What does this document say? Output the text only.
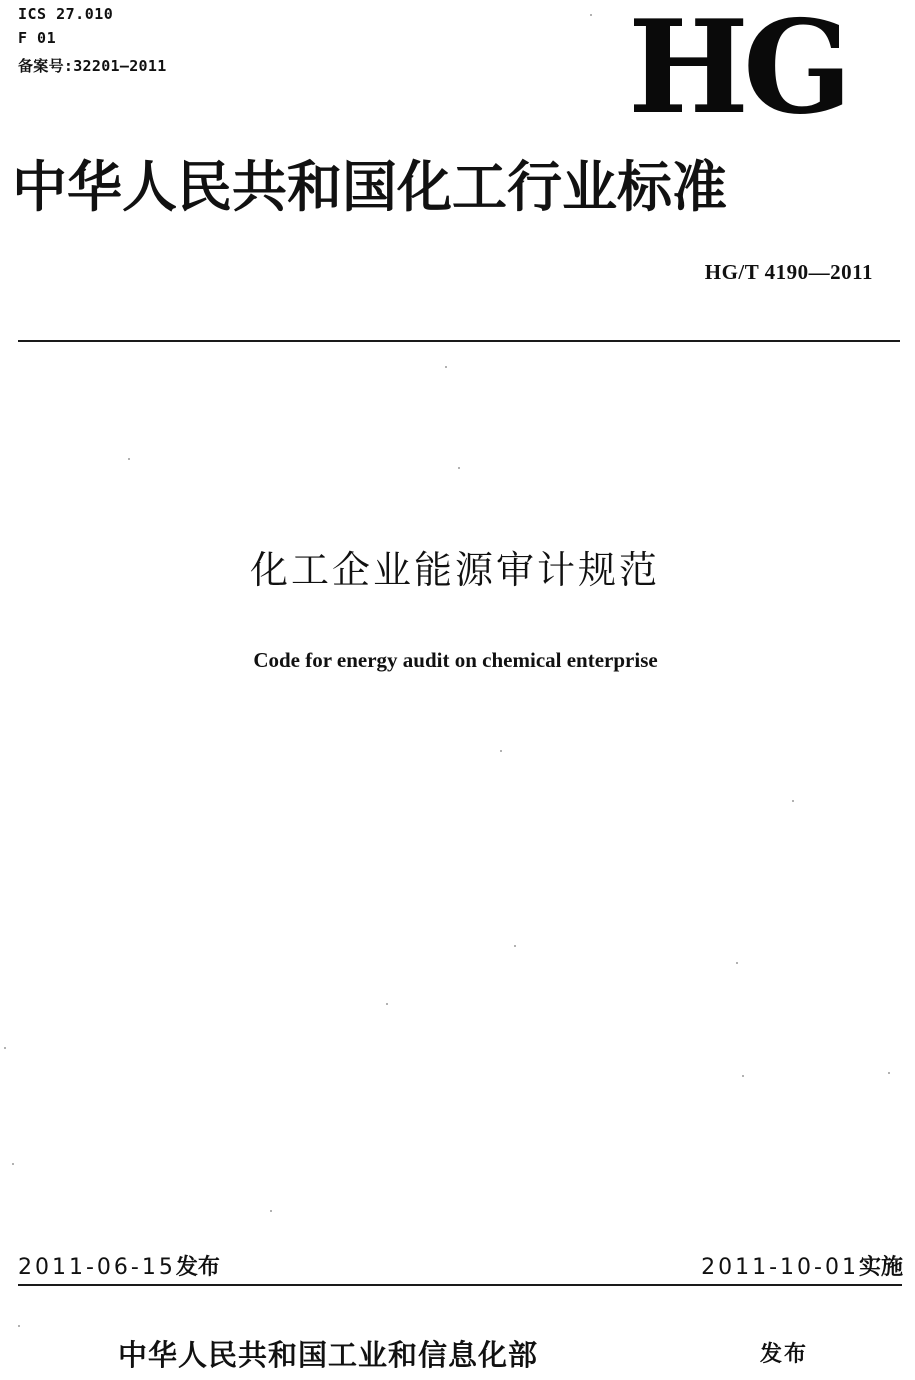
ICS 27.010
F 01
备案号:32201—2011	HG
中华人民共和国化工行业标准
HG/T 4190—2011
化工企业能源审计规范
Code for energy audit on chemical enterprise
2011-06-15发布	2011-10-01实施
中华人民共和国工业和信息化部	发布
